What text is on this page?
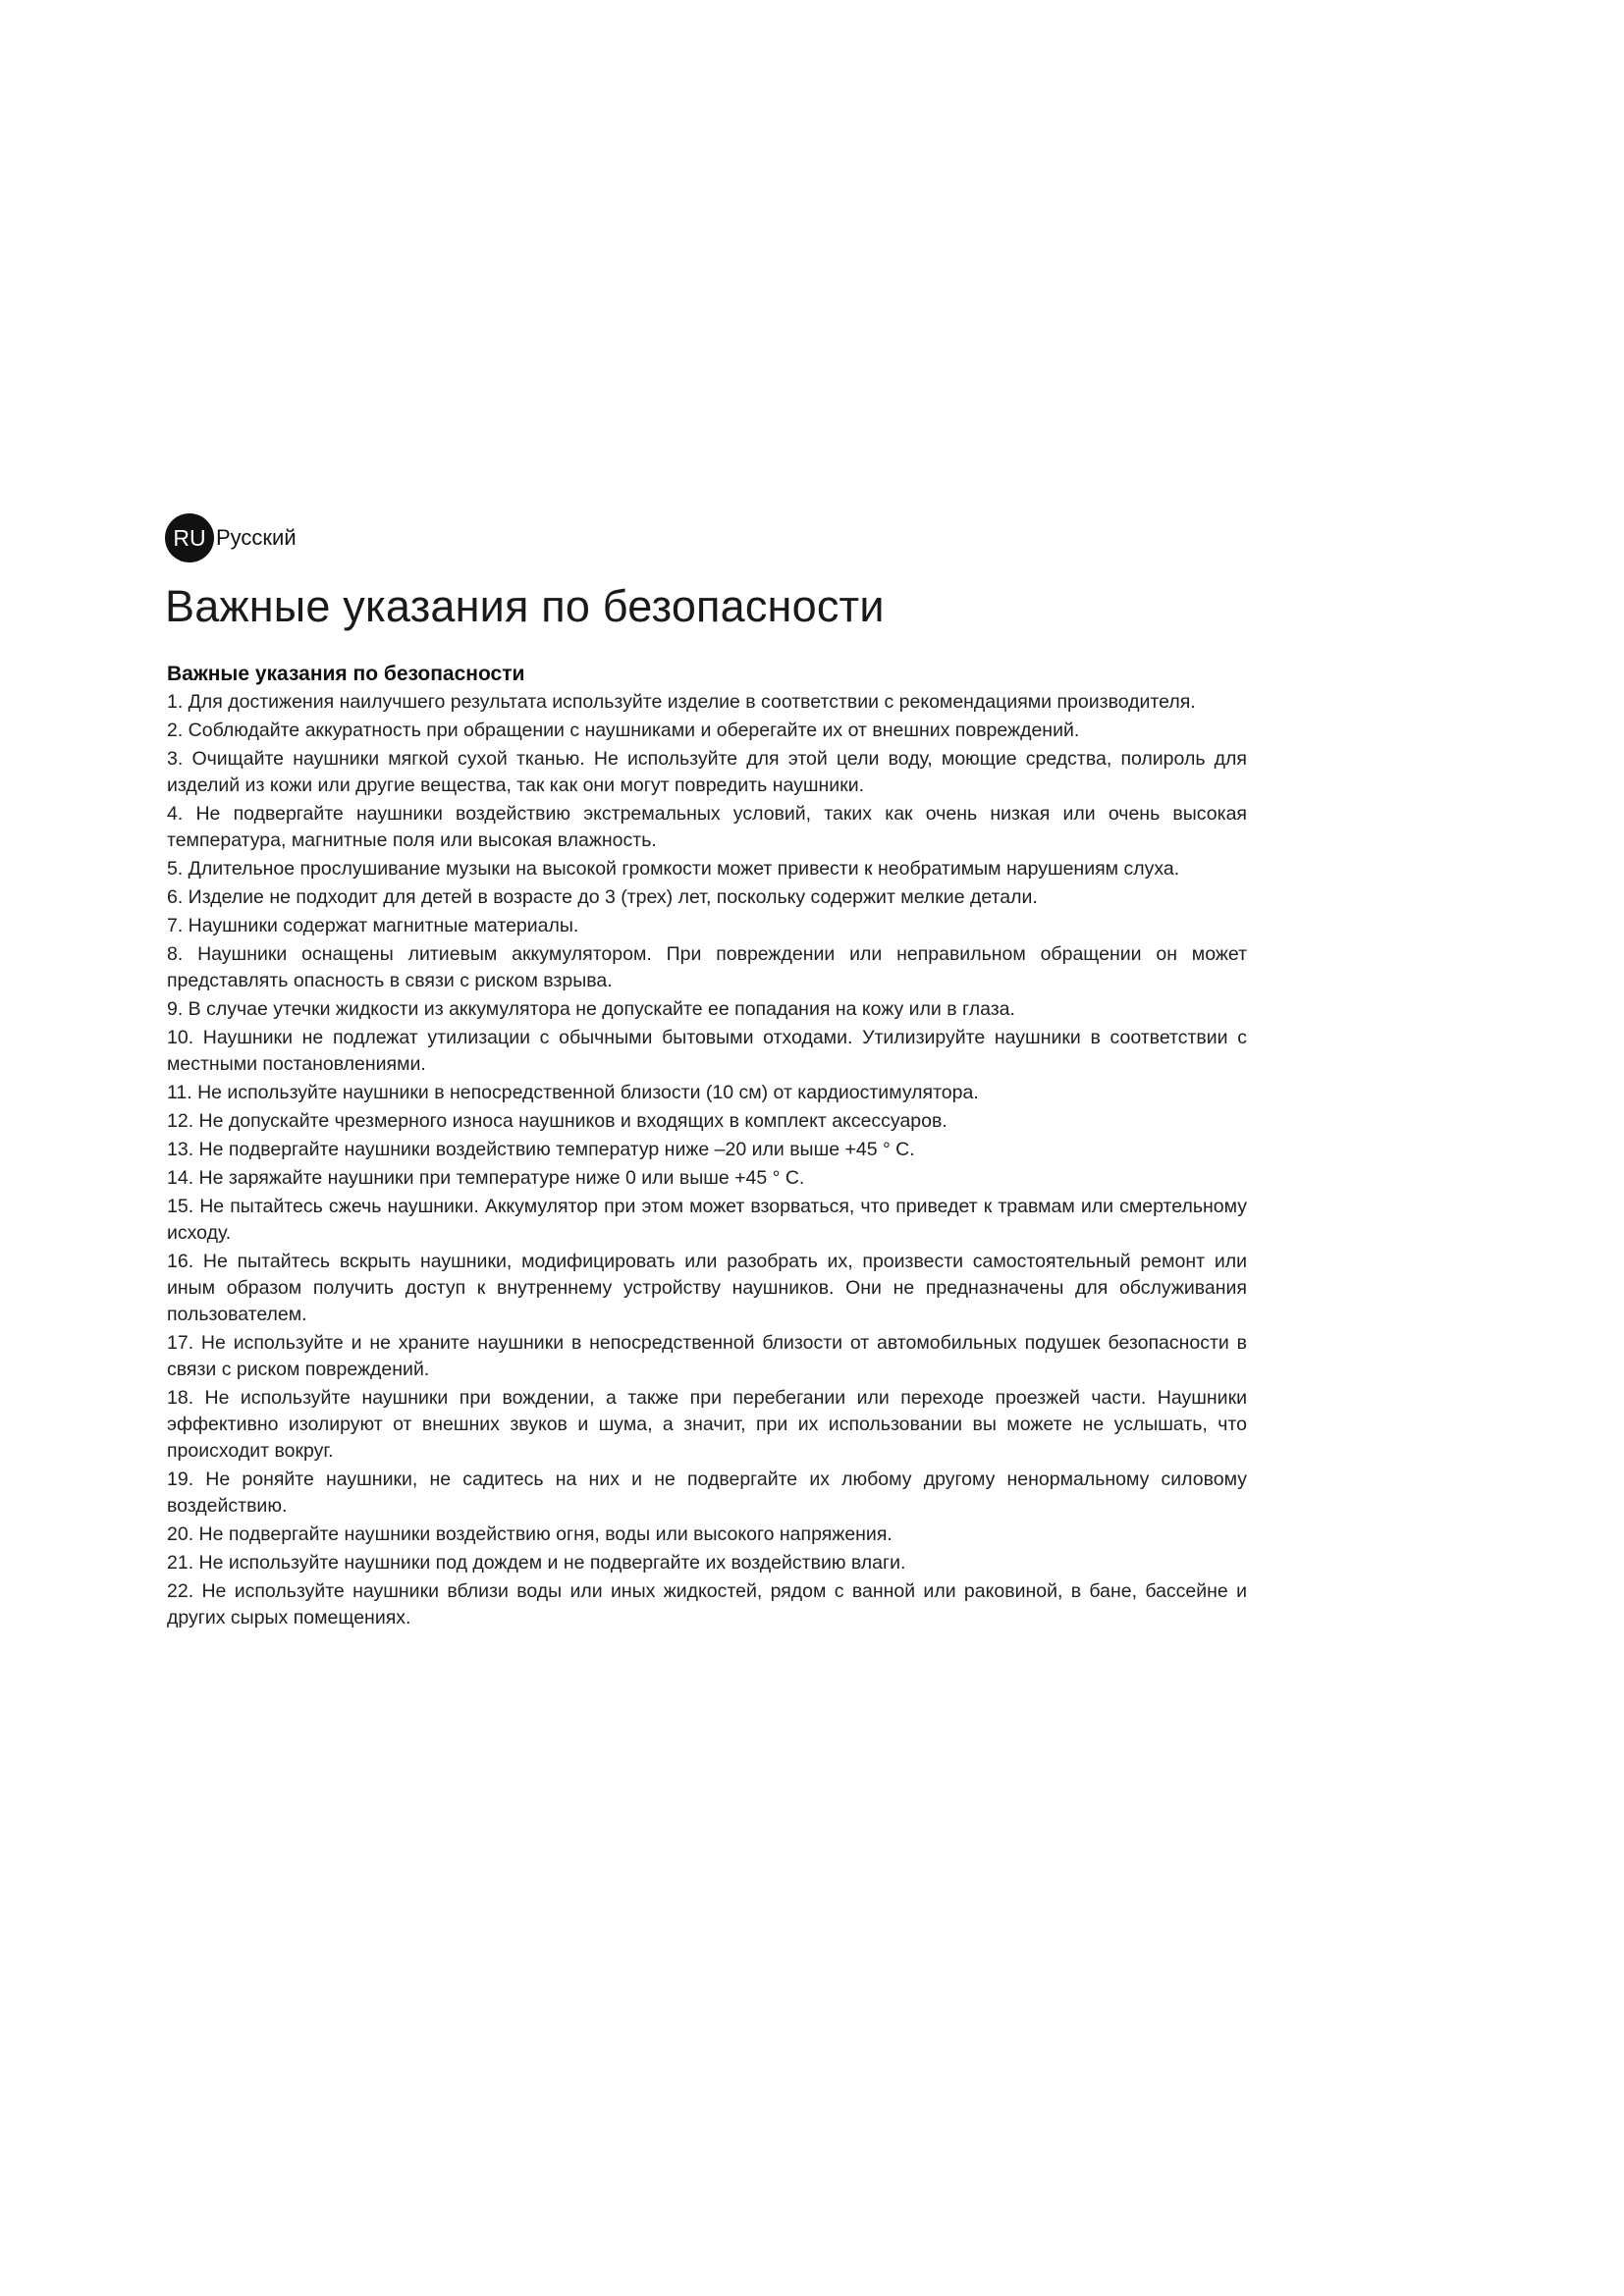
RU Русский
Важные указания по безопасности
Важные указания по безопасности
1. Для достижения наилучшего результата используйте изделие в соответствии с рекомендациями производителя.
2. Соблюдайте аккуратность при обращении с наушниками и оберегайте их от внешних повреждений.
3. Очищайте наушники мягкой сухой тканью. Не используйте для этой цели воду, моющие средства, полироль для изделий из кожи или другие вещества, так как они могут повредить наушники.
4. Не подвергайте наушники воздействию экстремальных условий, таких как очень низкая или очень высокая температура, магнитные поля или высокая влажность.
5. Длительное прослушивание музыки на высокой громкости может привести к необратимым нарушениям слуха.
6. Изделие не подходит для детей в возрасте до 3 (трех) лет, поскольку содержит мелкие детали.
7. Наушники содержат магнитные материалы.
8. Наушники оснащены литиевым аккумулятором. При повреждении или неправильном обращении он может представлять опасность в связи с риском взрыва.
9. В случае утечки жидкости из аккумулятора не допускайте ее попадания на кожу или в глаза.
10. Наушники не подлежат утилизации с обычными бытовыми отходами. Утилизируйте наушники в соответствии с местными постановлениями.
11. Не используйте наушники в непосредственной близости (10 см) от кардиостимулятора.
12. Не допускайте чрезмерного износа наушников и входящих в комплект аксессуаров.
13. Не подвергайте наушники воздействию температур ниже –20 или выше +45 ° C.
14. Не заряжайте наушники при температуре ниже 0 или выше +45 ° C.
15. Не пытайтесь сжечь наушники. Аккумулятор при этом может взорваться, что приведет к травмам или смертельному исходу.
16. Не пытайтесь вскрыть наушники, модифицировать или разобрать их, произвести самостоятельный ремонт или иным образом получить доступ к внутреннему устройству наушников. Они не предназначены для обслуживания пользователем.
17. Не используйте и не храните наушники в непосредственной близости от автомобильных подушек безопасности в связи с риском повреждений.
18. Не используйте наушники при вождении, а также при перебегании или переходе проезжей части. Наушники эффективно изолируют от внешних звуков и шума, а значит, при их использовании вы можете не услышать, что происходит вокруг.
19. Не роняйте наушники, не садитесь на них и не подвергайте их любому другому ненормальному силовому воздействию.
20. Не подвергайте наушники воздействию огня, воды или высокого напряжения.
21. Не используйте наушники под дождем и не подвергайте их воздействию влаги.
22. Не используйте наушники вблизи воды или иных жидкостей, рядом с ванной или раковиной, в бане, бассейне и других сырых помещениях.
